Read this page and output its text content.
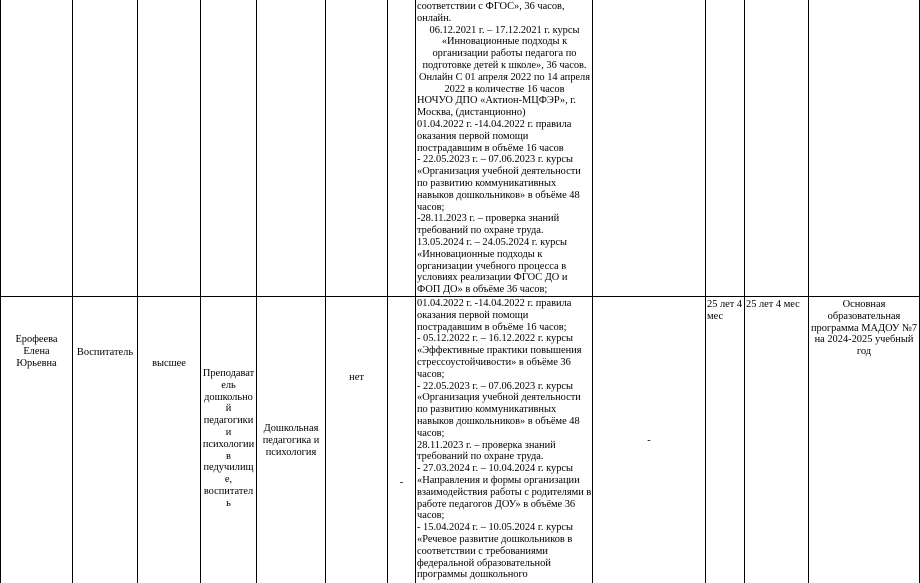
соответствии с ФГОС», 36 часов,
онлайн.
06.12.2021 г. – 17.12.2021 г. курсы
«Инновационные подходы к
организации работы педагога по
подготовке детей к школе», 36 часов.
Онлайн С 01 апреля 2022 по 14 апреля
2022 в количестве 16 часов
НОЧУО ДПО «Актион-МЦФЭР», г.
Москва, (дистанционно)
01.04.2022 г. -14.04.2022 г. правила
оказания первой помощи
пострадавшим в объёме 16 часов
- 22.05.2023 г. – 07.06.2023 г. курсы
«Организация учебной деятельности
по развитию коммуникативных
навыков дошкольников» в объёме 48
часов;
-28.11.2023 г. – проверка знаний
требований по охране труда.
13.05.2024 г. – 24.05.2024 г. курсы
«Инновационные подходы к
организации учебного процесса в
условиях реализации ФГОС ДО и
ФОП ДО» в объёме 36 часов;
Ерофеева
Елена
Юрьевна
Воспитатель
высшее
Преподават
ель
дошкольно
й
педагогики
и
психологии
в
педучилищ
е,
воспитател
ь
Дошкольная
педагогика и
психология
нет
-
01.04.2022 г. -14.04.2022 г. правила
оказания первой помощи
пострадавшим в объёме 16 часов;
- 05.12.2022 г. – 16.12.2022 г. курсы
«Эффективные практики повышения
стрессоустойчивости» в объёме 36
часов;
- 22.05.2023 г. – 07.06.2023 г. курсы
«Организация учебной деятельности
по развитию коммуникативных
навыков дошкольников» в объёме 48
часов;
28.11.2023 г. – проверка знаний
требований по охране труда.
- 27.03.2024 г. – 10.04.2024 г. курсы
«Направления и формы организации
взаимодействия работы с родителями в
работе педагогов ДОУ» в объёме 36
часов;
- 15.04.2024 г. – 10.05.2024 г. курсы
«Речевое развитие дошкольников в
соответствии с требованиями
федеральной образовательной
программы дошкольного
-
25 лет 4
мес
25 лет 4 мес	Основная
образовательная
программа МАДОУ №7
на 2024-2025 учебный
год
